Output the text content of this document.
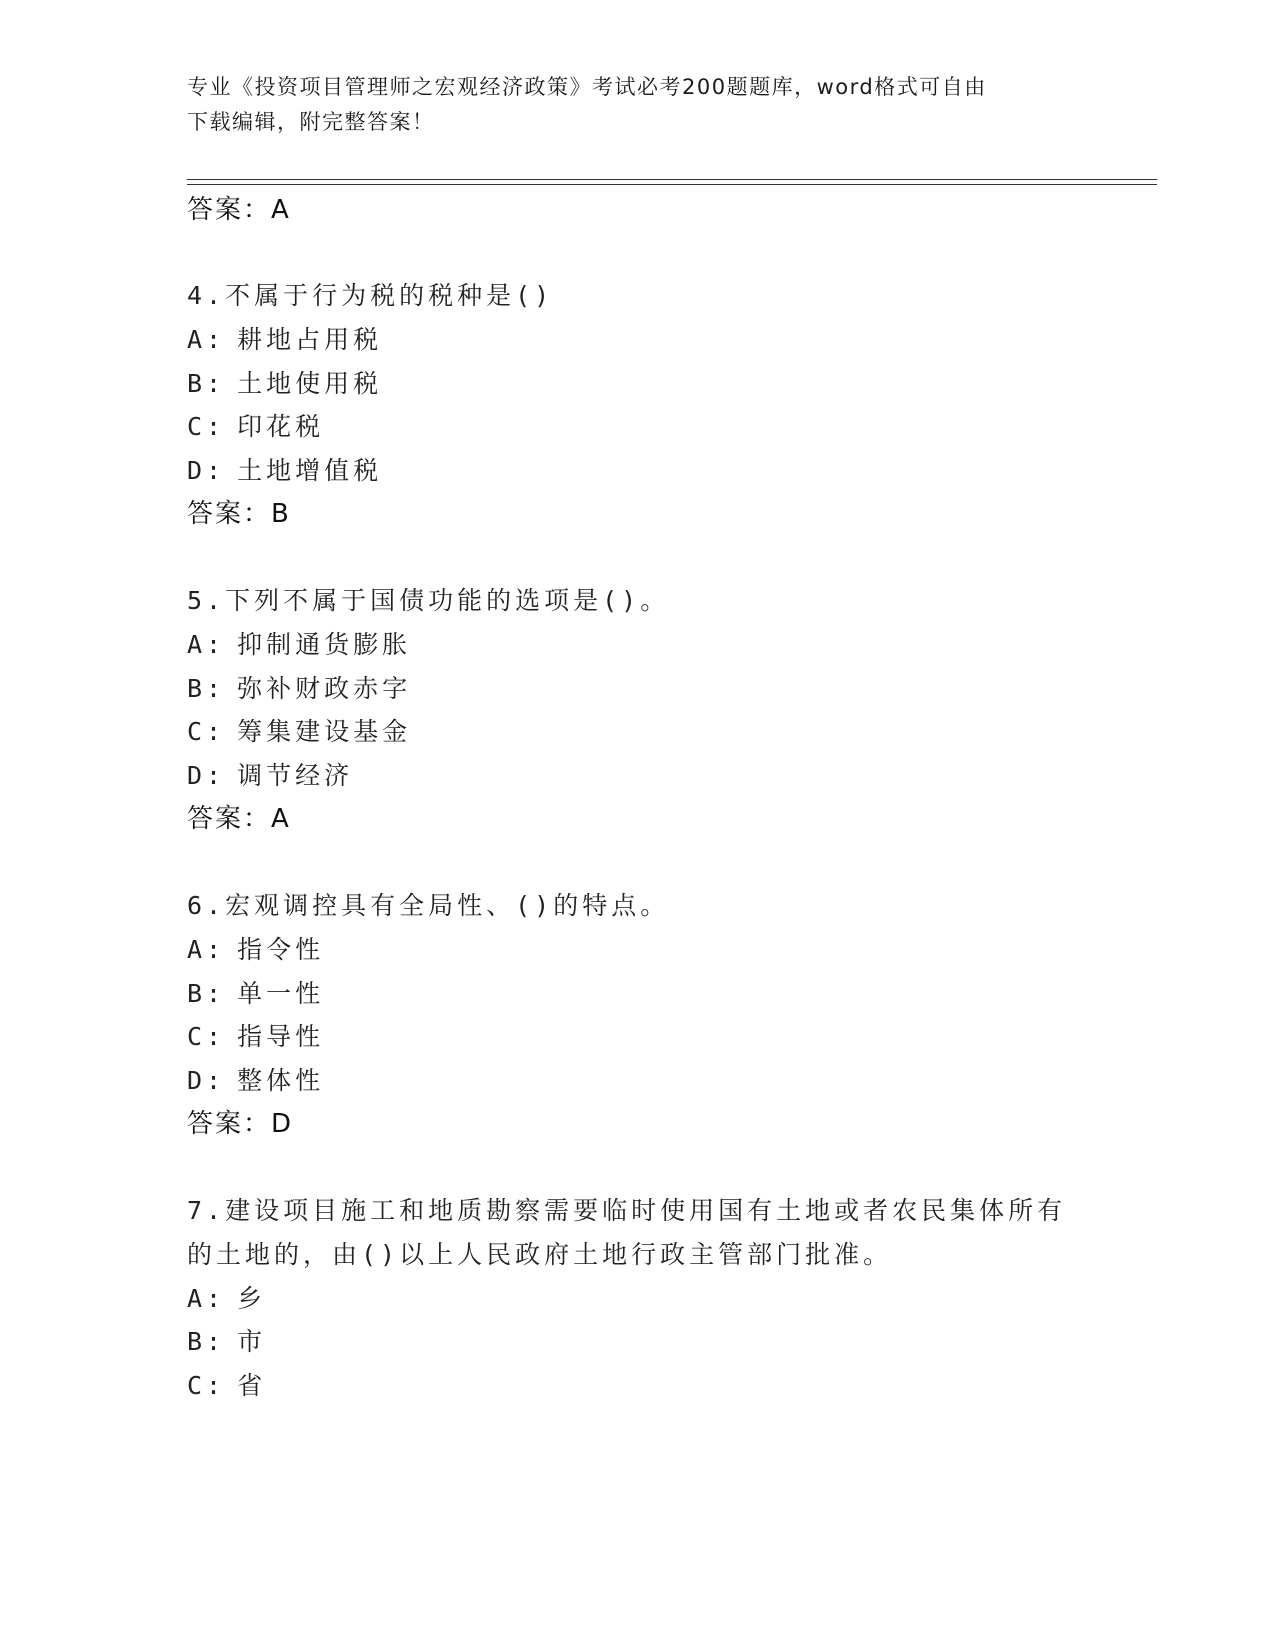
专业《投资项目管理师之宏观经济政策》考试必考200题题库，word格式可自由
下载编辑，附完整答案！
答案：A
4.不属于行为税的税种是()
A: 耕地占用税
B: 土地使用税
C: 印花税
D: 土地增值税
答案：B
5.下列不属于国债功能的选项是()。
A: 抑制通货膨胀
B: 弥补财政赤字
C: 筹集建设基金
D: 调节经济
答案：A
6.宏观调控具有全局性、()的特点。
A: 指令性
B: 单一性
C: 指导性
D: 整体性
答案：D
7.建设项目施工和地质勘察需要临时使用国有土地或者农民集体所有
的土地的，由()以上人民政府土地行政主管部门批准。
A: 乡
B: 市
C: 省
